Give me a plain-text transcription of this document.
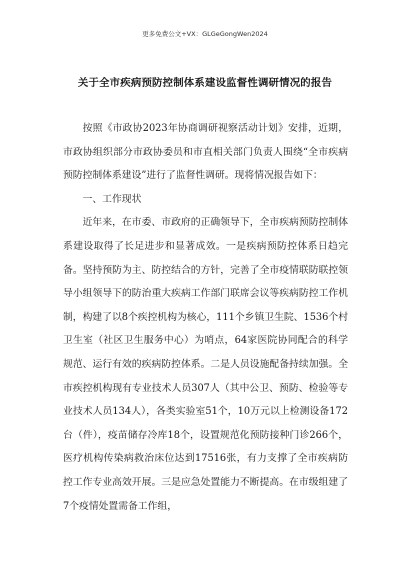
更多免费公文+VX：GLGeGongWen2024
关于全市疾病预防控制体系建设监督性调研情况的报告

按照《市政协2023年协商调研视察活动计划》安排，近期，市政协组织部分市政协委员和市直相关部门负责人围绕“全市疾病预防控制体系建设”进行了监督性调研。现将情况报告如下：

一、工作现状

近年来，在市委、市政府的正确领导下，全市疾病预防控制体系建设取得了长足进步和显著成效。一是疾病预防控体系日趋完备。坚持预防为主、防控结合的方针，完善了全市疫情联防联控领导小组领导下的防治重大疾病工作部门联席会议等疾病防控工作机制，构建了以8个疾控机构为核心，111个乡镇卫生院、1536个村卫生室（社区卫生服务中心）为哨点，64家医院协同配合的科学规范、运行有效的疾病防控体系。二是人员设施配备持续加强。全市疾控机构现有专业技术人员307人（其中公卫、预防、检验等专业技术人员134人），各类实验室51个，10万元以上检测设备172台（件），疫苗储存冷库18个，设置规范化预防接种门诊266个，医疗机构传染病救治床位达到17516张，有力支撑了全市疾病防控工作专业高效开展。三是应急处置能力不断提高。在市级组建了7个疫情处置需备工作组，
